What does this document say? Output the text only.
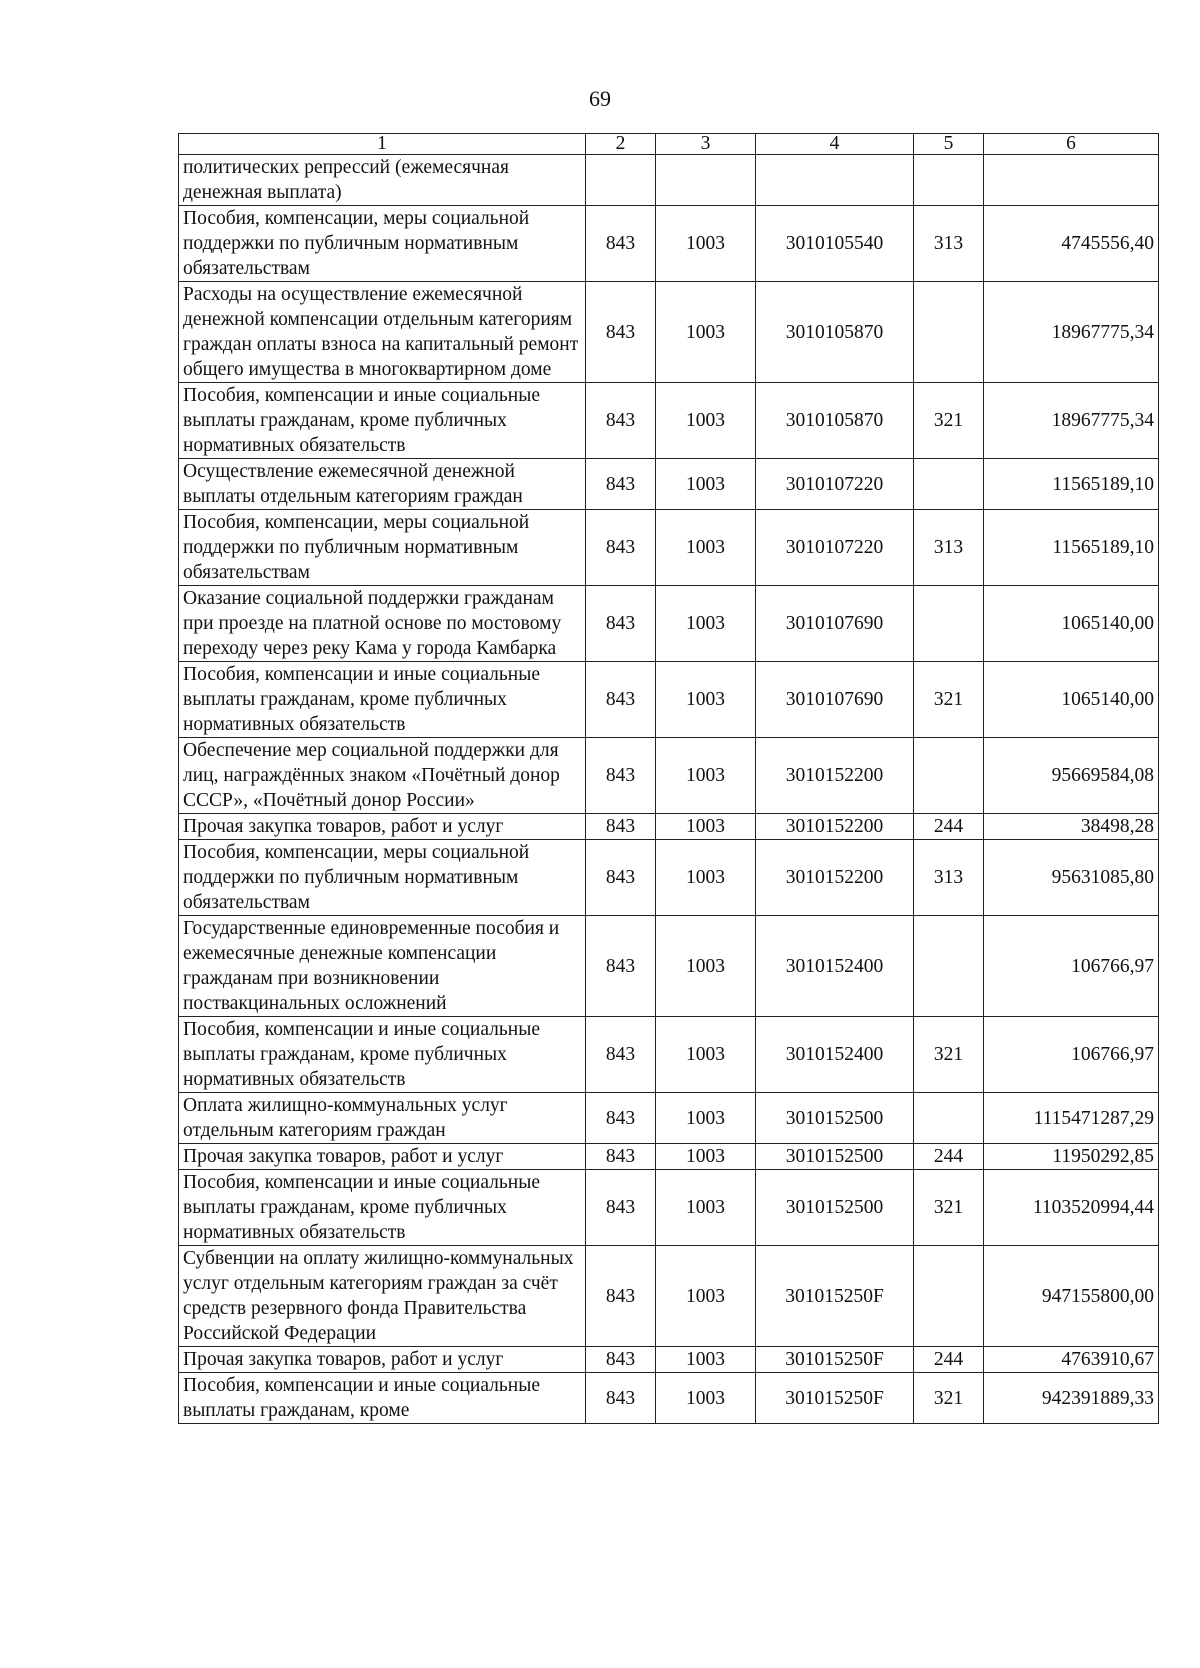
69
1	2	3	4	5	6
политических репрессий (ежемесячная денежная выплата)					
Пособия, компенсации, меры социальной поддержки по публичным нормативным обязательствам	843	1003	3010105540	313	4745556,40
Расходы на осуществление ежемесячной денежной компенсации отдельным категориям граждан оплаты взноса на капитальный ремонт общего имущества в многоквартирном доме	843	1003	3010105870		18967775,34
Пособия, компенсации и иные социальные выплаты гражданам, кроме публичных нормативных обязательств	843	1003	3010105870	321	18967775,34
Осуществление ежемесячной денежной выплаты отдельным категориям граждан	843	1003	3010107220		11565189,10
Пособия, компенсации, меры социальной поддержки по публичным нормативным обязательствам	843	1003	3010107220	313	11565189,10
Оказание социальной поддержки гражданам при проезде на платной основе по мостовому переходу через реку Кама у города Камбарка	843	1003	3010107690		1065140,00
Пособия, компенсации и иные социальные выплаты гражданам, кроме публичных нормативных обязательств	843	1003	3010107690	321	1065140,00
Обеспечение мер социальной поддержки для лиц, награждённых знаком «Почётный донор СССР», «Почётный донор России»	843	1003	3010152200		95669584,08
Прочая закупка товаров, работ и услуг	843	1003	3010152200	244	38498,28
Пособия, компенсации, меры социальной поддержки по публичным нормативным обязательствам	843	1003	3010152200	313	95631085,80
Государственные единовременные пособия и ежемесячные денежные компенсации гражданам при возникновении поствакцинальных осложнений	843	1003	3010152400		106766,97
Пособия, компенсации и иные социальные выплаты гражданам, кроме публичных нормативных обязательств	843	1003	3010152400	321	106766,97
Оплата жилищно-коммунальных услуг отдельным категориям граждан	843	1003	3010152500		1115471287,29
Прочая закупка товаров, работ и услуг	843	1003	3010152500	244	11950292,85
Пособия, компенсации и иные социальные выплаты гражданам, кроме публичных нормативных обязательств	843	1003	3010152500	321	1103520994,44
Субвенции на оплату жилищно-коммунальных услуг отдельным категориям граждан за счёт средств резервного фонда Правительства Российской Федерации	843	1003	301015250F		947155800,00
Прочая закупка товаров, работ и услуг	843	1003	301015250F	244	4763910,67
Пособия, компенсации и иные социальные выплаты гражданам, кроме	843	1003	301015250F	321	942391889,33
